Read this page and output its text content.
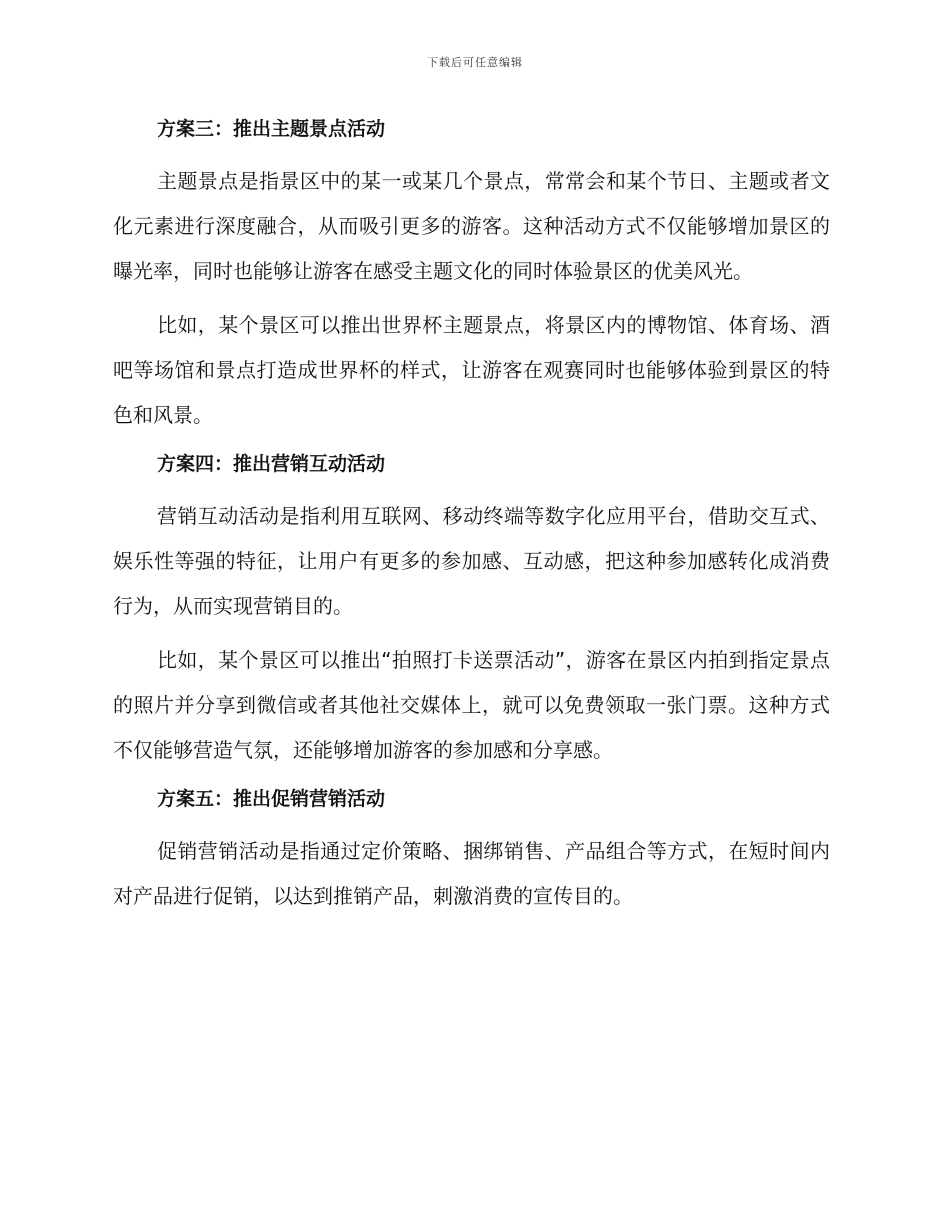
下载后可任意编辑

方案三：推出主题景点活动

主题景点是指景区中的某一或某几个景点，常常会和某个节日、主题或者文化元素进行深度融合，从而吸引更多的游客。这种活动方式不仅能够增加景区的曝光率，同时也能够让游客在感受主题文化的同时体验景区的优美风光。

比如，某个景区可以推出世界杯主题景点，将景区内的博物馆、体育场、酒吧等场馆和景点打造成世界杯的样式，让游客在观赛同时也能够体验到景区的特色和风景。

方案四：推出营销互动活动

营销互动活动是指利用互联网、移动终端等数字化应用平台，借助交互式、娱乐性等强的特征，让用户有更多的参加感、互动感，把这种参加感转化成消费行为，从而实现营销目的。

比如，某个景区可以推出“拍照打卡送票活动”，游客在景区内拍到指定景点的照片并分享到微信或者其他社交媒体上，就可以免费领取一张门票。这种方式不仅能够营造气氛，还能够增加游客的参加感和分享感。

方案五：推出促销营销活动

促销营销活动是指通过定价策略、捆绑销售、产品组合等方式，在短时间内对产品进行促销，以达到推销产品，刺激消费的宣传目的。
